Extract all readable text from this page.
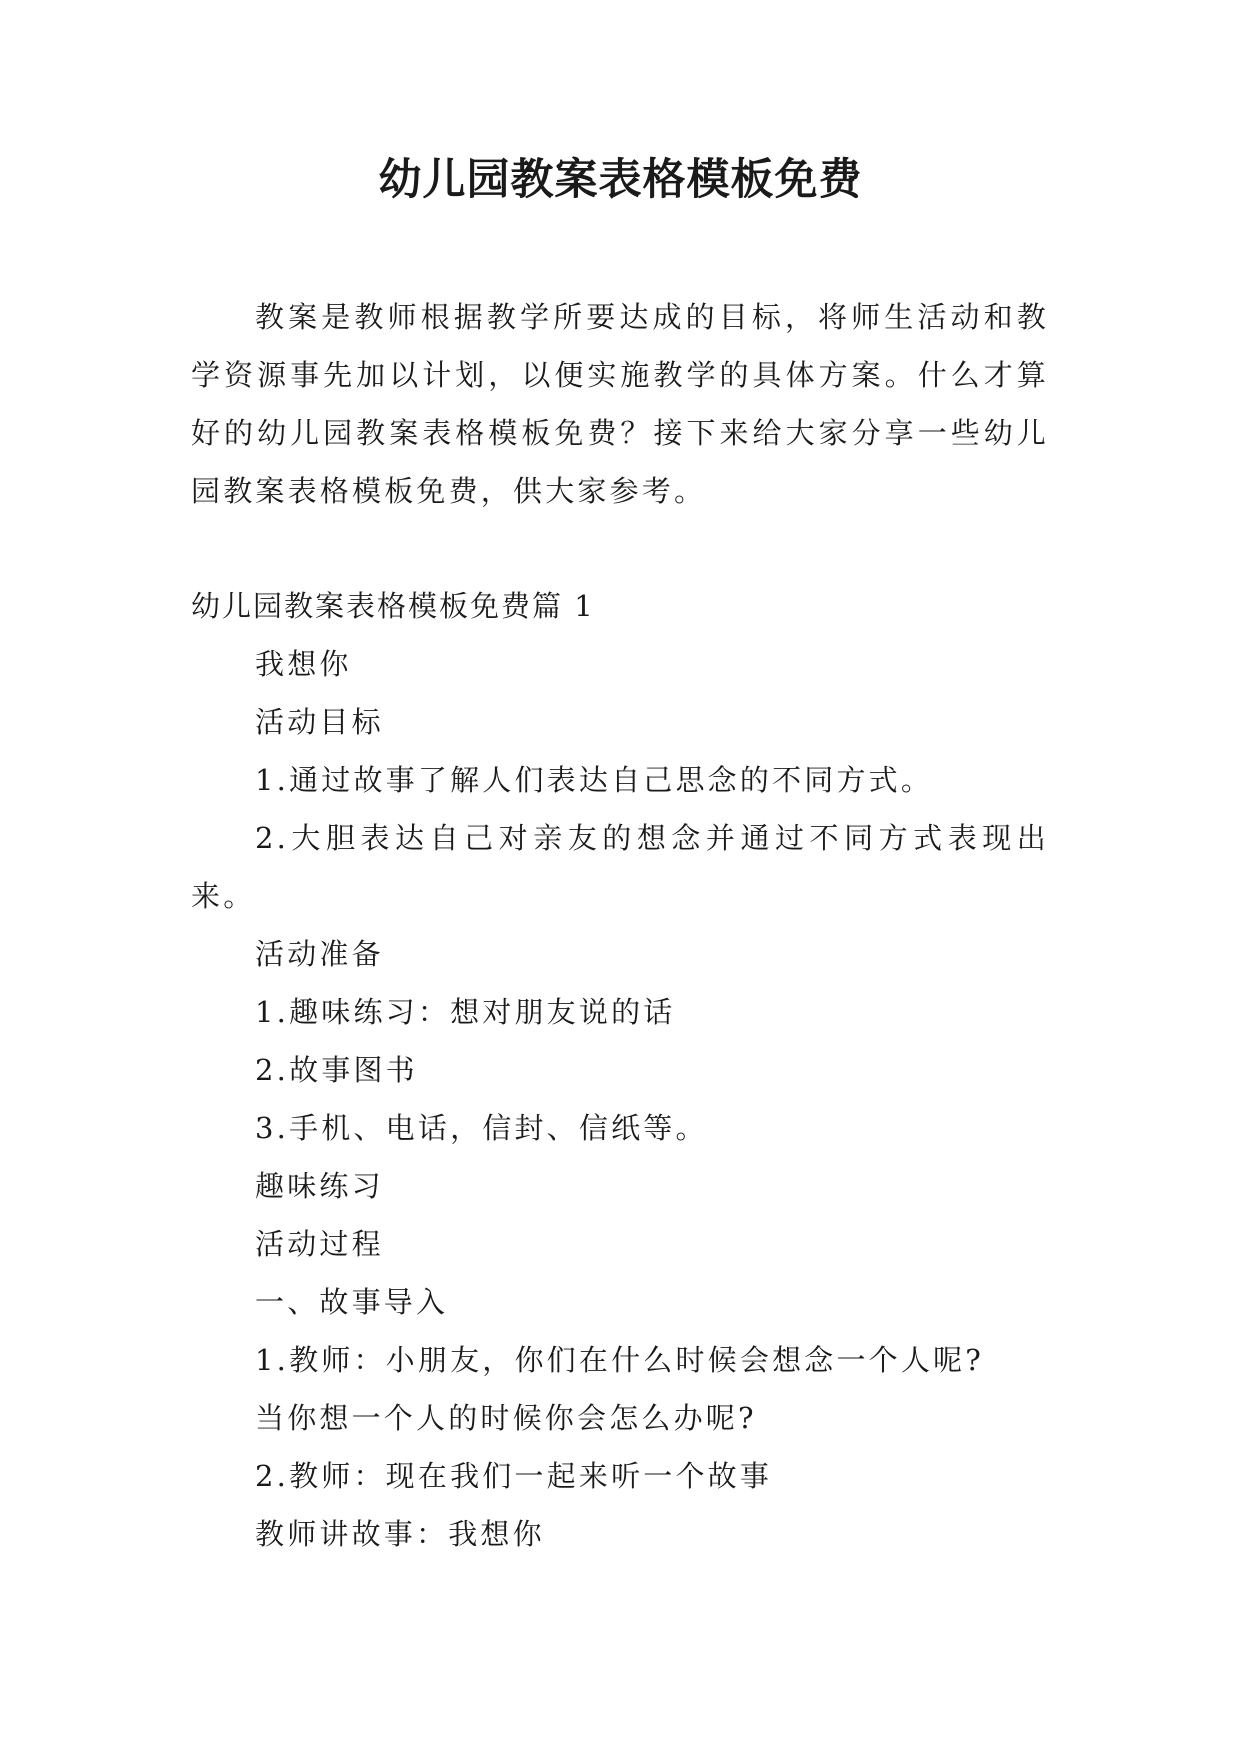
幼儿园教案表格模板免费

教案是教师根据教学所要达成的目标，将师生活动和教学资源事先加以计划，以便实施教学的具体方案。什么才算好的幼儿园教案表格模板免费？接下来给大家分享一些幼儿园教案表格模板免费，供大家参考。

幼儿园教案表格模板免费篇 1

我想你
活动目标
1.通过故事了解人们表达自己思念的不同方式。
2.大胆表达自己对亲友的想念并通过不同方式表现出来。
活动准备
1.趣味练习：想对朋友说的话
2.故事图书
3.手机、电话，信封、信纸等。
趣味练习
活动过程
一、故事导入
1.教师：小朋友，你们在什么时候会想念一个人呢?
当你想一个人的时候你会怎么办呢?
2.教师：现在我们一起来听一个故事
教师讲故事：我想你
